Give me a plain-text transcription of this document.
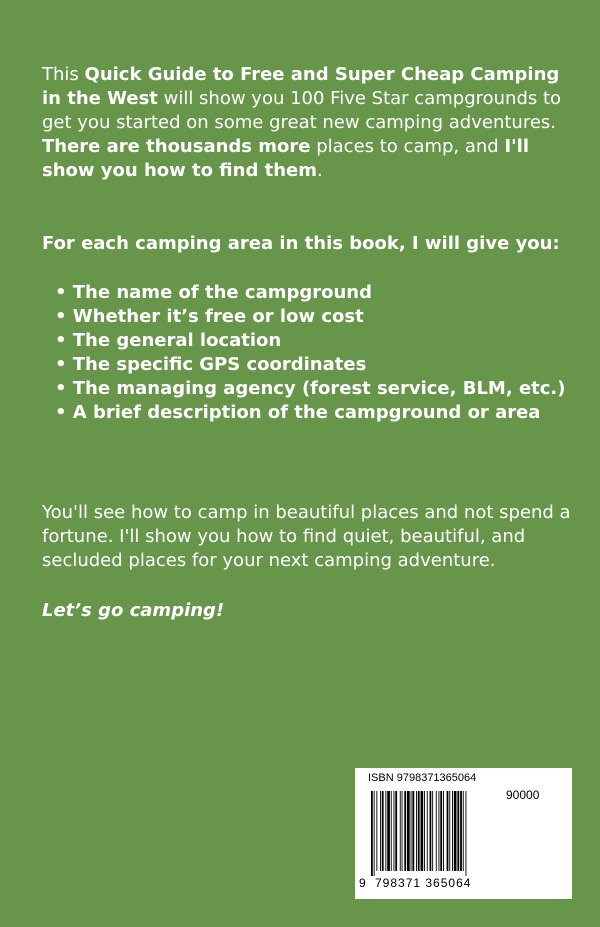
This Quick Guide to Free and Super Cheap Camping in the West will show you 100 Five Star campgrounds to get you started on some great new camping adventures. There are thousands more places to camp, and I'll show you how to find them.

For each camping area in this book, I will give you:

• The name of the campground
• Whether it’s free or low cost
• The general location
• The specific GPS coordinates
• The managing agency (forest service, BLM, etc.)
• A brief description of the campground or area

You'll see how to camp in beautiful places and not spend a fortune. I'll show you how to find quiet, beautiful, and secluded places for your next camping adventure.

Let’s go camping!

ISBN 9798371365064
90000
9 798371 365064
